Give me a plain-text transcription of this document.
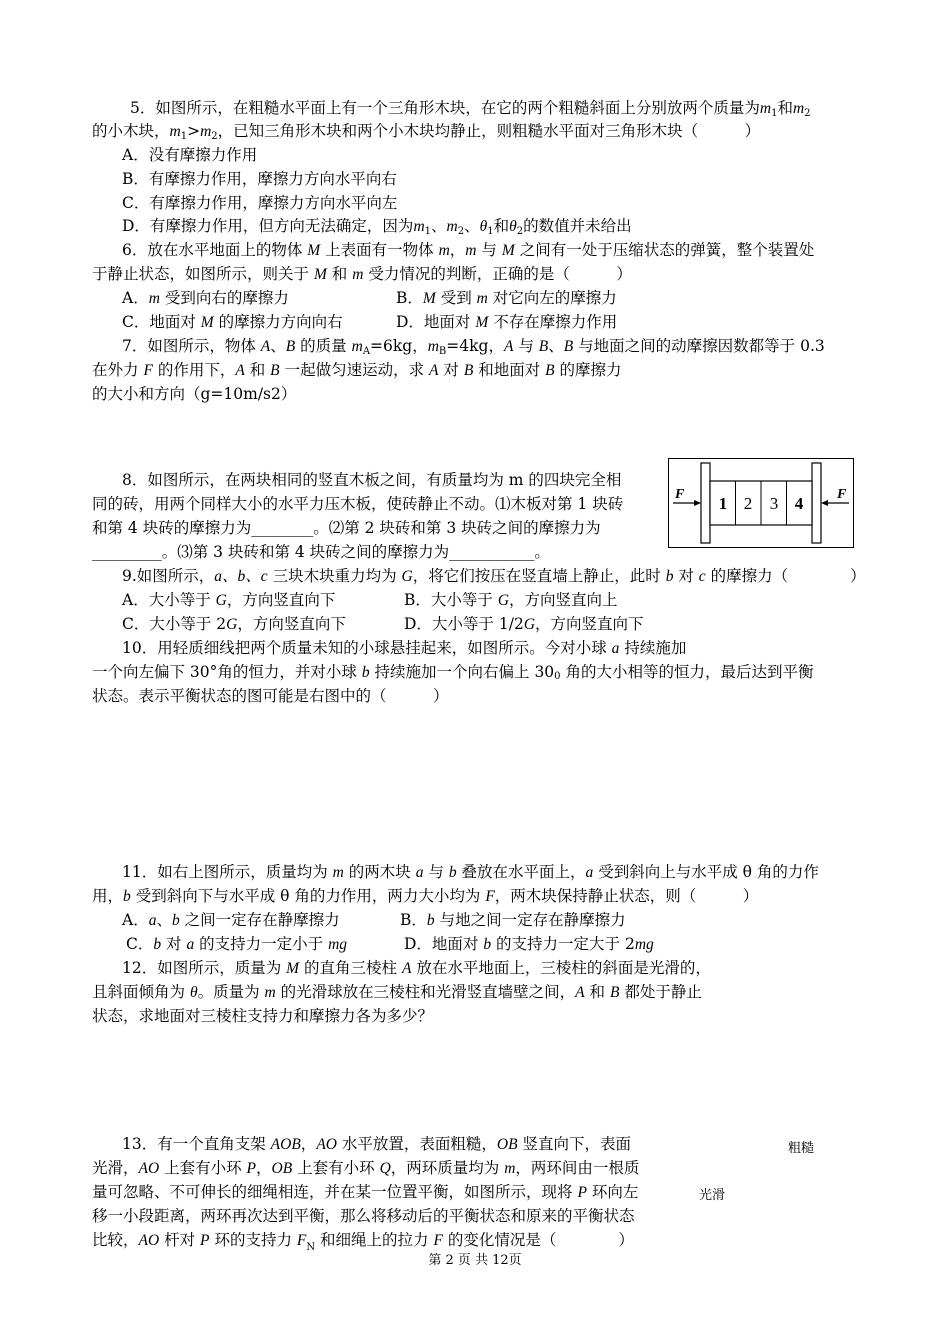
5．如图所示，在粗糙水平面上有一个三角形木块，在它的两个粗糙斜面上分别放两个质量为m1和m2
的小木块，m1>m2，已知三角形木块和两个小木块均静止，则粗糙水平面对三角形木块（　　　）
A．没有摩擦力作用
B．有摩擦力作用，摩擦力方向水平向右
C．有摩擦力作用，摩擦力方向水平向左
D．有摩擦力作用，但方向无法确定，因为m1、m2、θ1和θ2的数值并未给出
6．放在水平地面上的物体 M 上表面有一物体 m，m 与 M 之间有一处于压缩状态的弹簧，整个装置处
于静止状态，如图所示，则关于 M 和 m 受力情况的判断，正确的是（　　　）
A．m 受到向右的摩擦力	B．M 受到 m 对它向左的摩擦力
C．地面对 M 的摩擦力方向向右	D．地面对 M 不存在摩擦力作用
7．如图所示，物体 A、B 的质量 mA=6kg，mB=4kg，A 与 B、B 与地面之间的动摩擦因数都等于 0.3
在外力 F 的作用下，A 和 B 一起做匀速运动，求 A 对 B 和地面对 B 的摩擦力
的大小和方向（g=10m/s2）
8．如图所示，在两块相同的竖直木板之间，有质量均为 m 的四块完全相
同的砖，用两个同样大小的水平力压木板，使砖静止不动。⑴木板对第 1 块砖
和第 4 块砖的摩擦力为________。⑵第 2 块砖和第 3 块砖之间的摩擦力为
_________。⑶第 3 块砖和第 4 块砖之间的摩擦力为___________。
1 2 3 4
F	F
9.如图所示，a、b、c 三块木块重力均为 G，将它们按压在竖直墙上静止，此时 b 对 c 的摩擦力（　　　　）
A．大小等于 G，方向竖直向下	B．大小等于 G，方向竖直向上
C．大小等于 2G，方向竖直向下	D．大小等于 1/2G，方向竖直向下
10．用轻质细线把两个质量未知的小球悬挂起来，如图所示。今对小球 a 持续施加
一个向左偏下 30°角的恒力，并对小球 b 持续施加一个向右偏上 300 角的大小相等的恒力，最后达到平衡
状态。表示平衡状态的图可能是右图中的（　　　）
11．如右上图所示，质量均为 m 的两木块 a 与 b 叠放在水平面上，a 受到斜向上与水平成 θ 角的力作
用，b 受到斜向下与水平成 θ 角的力作用，两力大小均为 F，两木块保持静止状态，则（　　　）
A．a、b 之间一定存在静摩擦力	B．b 与地之间一定存在静摩擦力
C．b 对 a 的支持力一定小于 mg	D．地面对 b 的支持力一定大于 2mg
12．如图所示，质量为 M 的直角三棱柱 A 放在水平地面上，三棱柱的斜面是光滑的，
且斜面倾角为 θ。质量为 m 的光滑球放在三棱柱和光滑竖直墙壁之间，A 和 B 都处于静止
状态，求地面对三棱柱支持力和摩擦力各为多少？
13．有一个直角支架 AOB，AO 水平放置，表面粗糙，OB 竖直向下，表面
光滑，AO 上套有小环 P，OB 上套有小环 Q，两环质量均为 m，两环间由一根质
量可忽略、不可伸长的细绳相连，并在某一位置平衡，如图所示，现将 P 环向左
移一小段距离，两环再次达到平衡，那么将移动后的平衡状态和原来的平衡状态
比较，AO 杆对 P 环的支持力 $F_N$ 和细绳上的拉力 F 的变化情况是（　　　　）
粗糙
光滑
第 2 页 共 12页
